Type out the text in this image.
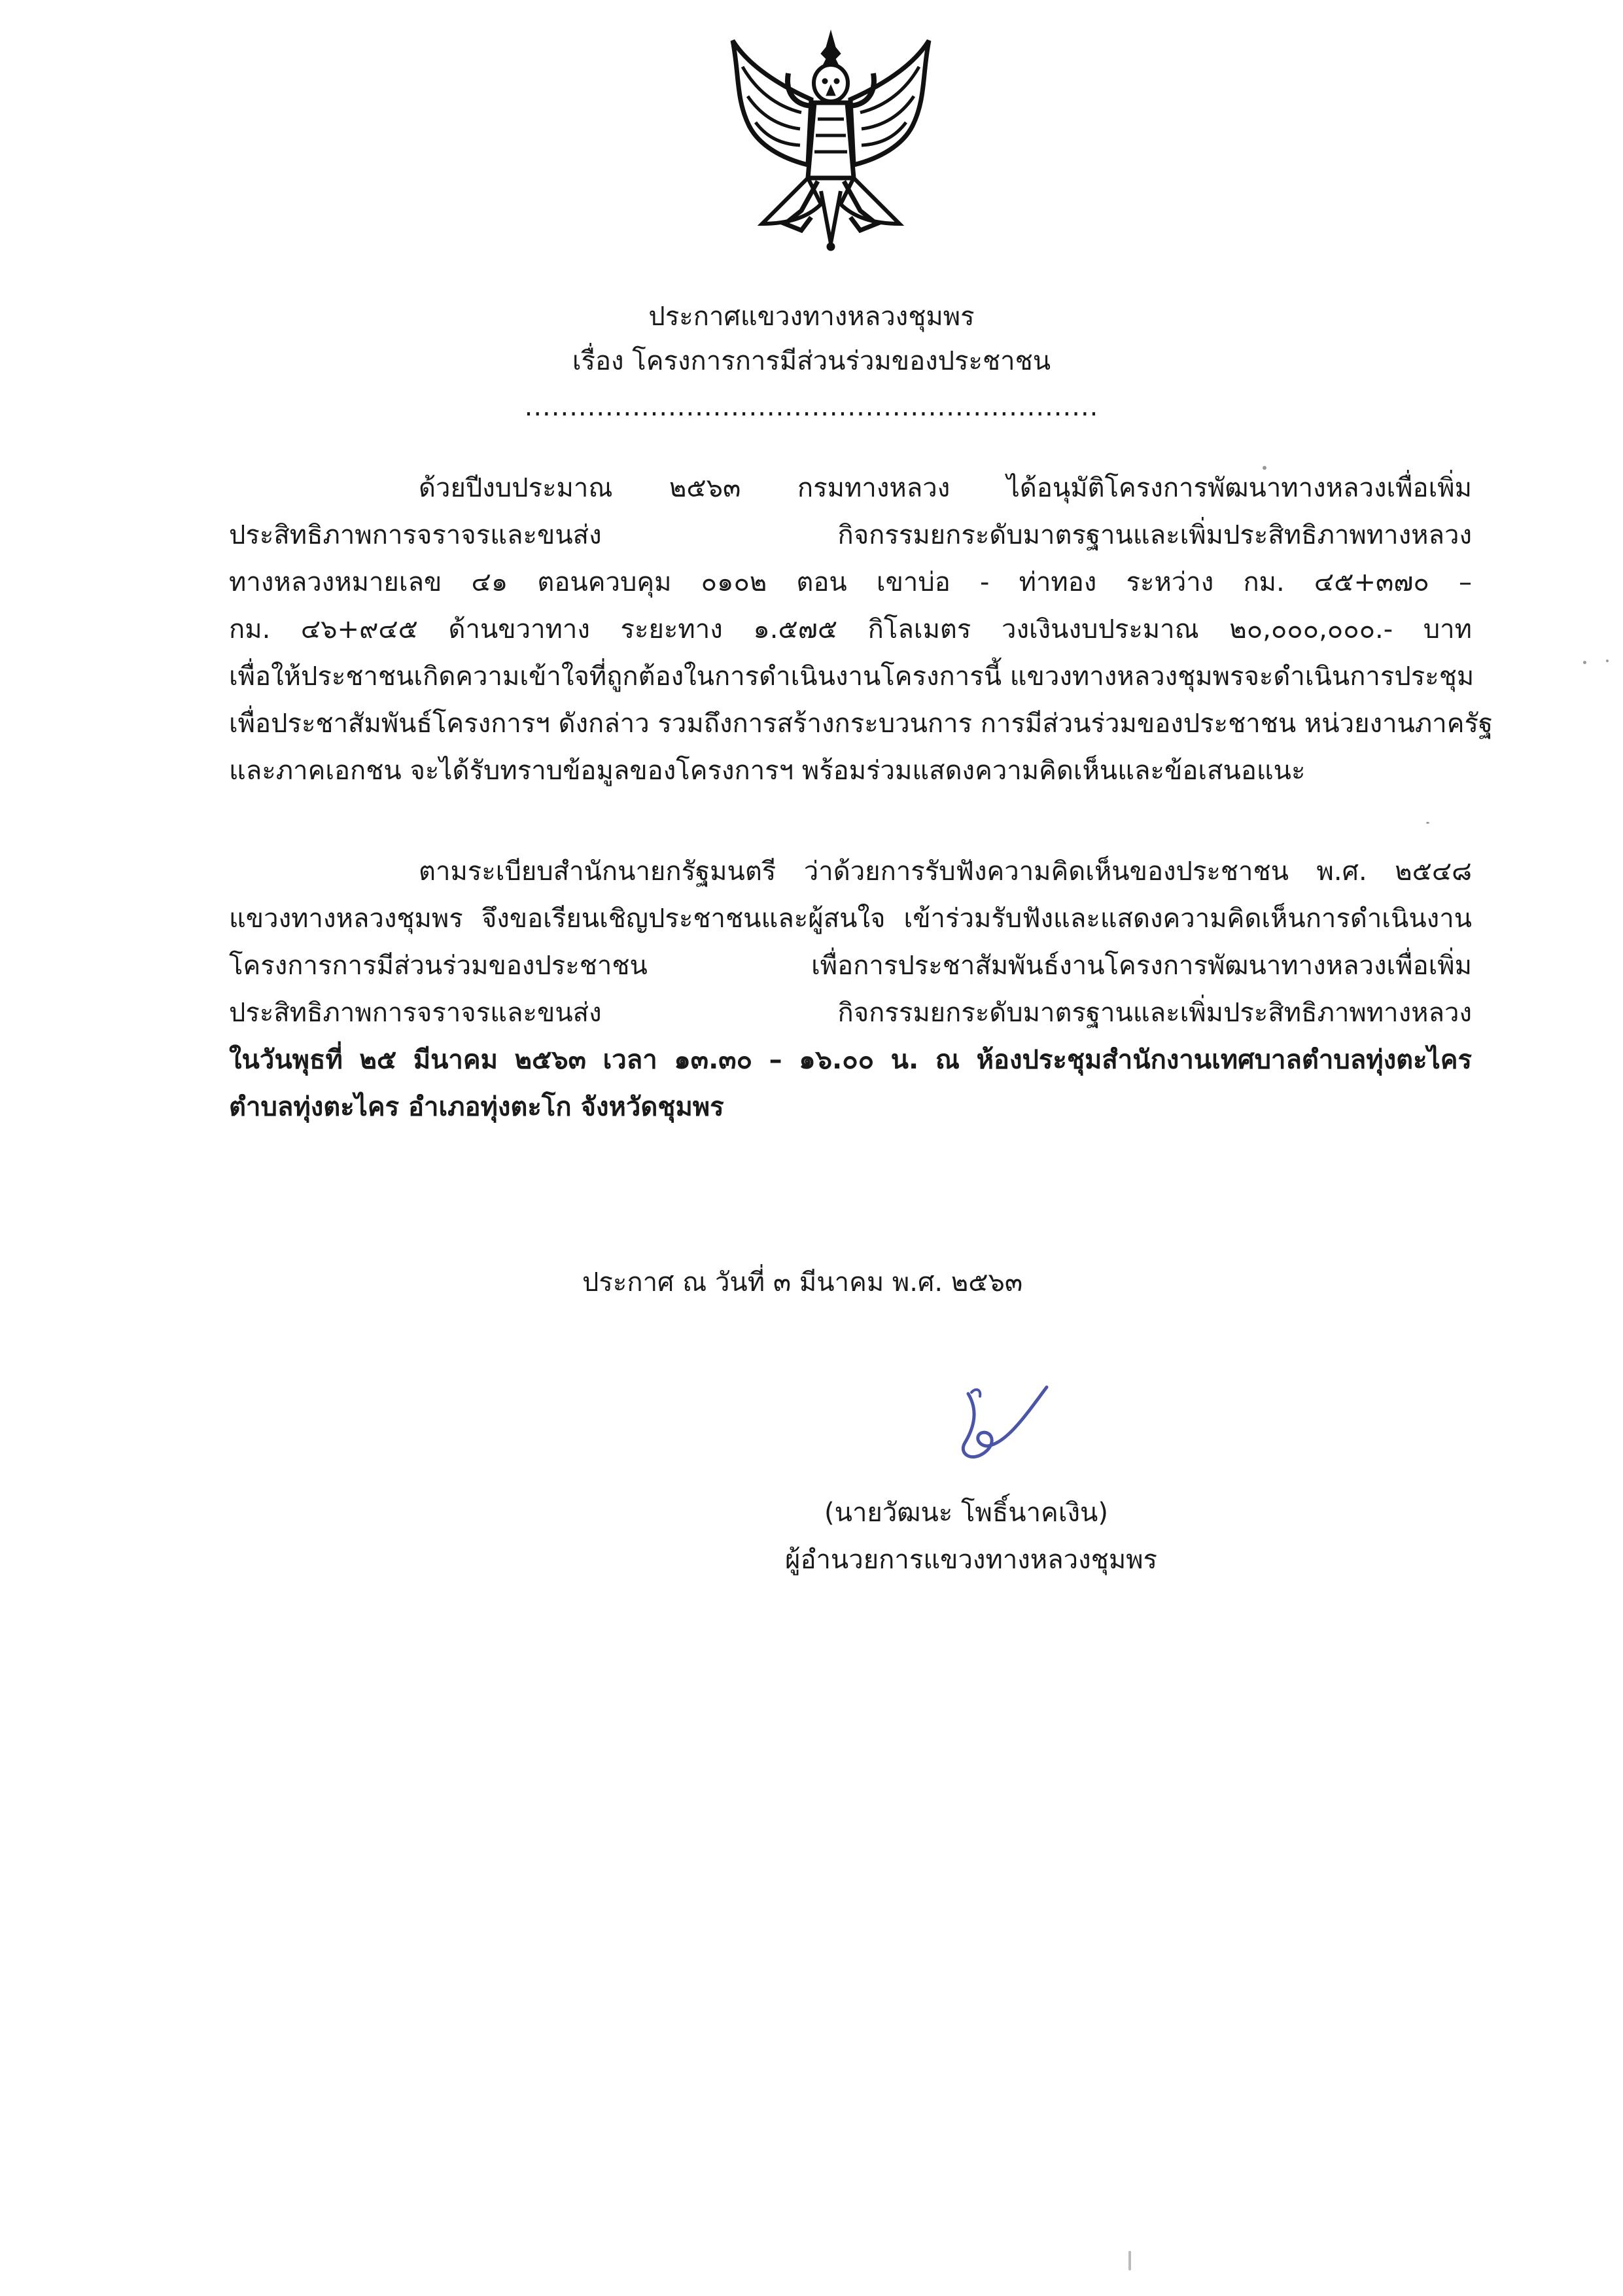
ประกาศแขวงทางหลวงชุมพร

เรื่อง โครงการการมีส่วนร่วมของประชาชน

................................................................

ด้วยปีงบประมาณ ๒๕๖๓ กรมทางหลวง ได้อนุมัติโครงการพัฒนาทางหลวงเพื่อเพิ่ม

ประสิทธิภาพการจราจรและขนส่ง กิจกรรมยกระดับมาตรฐานและเพิ่มประสิทธิภาพทางหลวง

ทางหลวงหมายเลข ๔๑ ตอนควบคุม ๐๑๐๒ ตอน เขาบ่อ - ท่าทอง ระหว่าง กม. ๔๕+๓๗๐ –

กม. ๔๖+๙๔๕ ด้านขวาทาง ระยะทาง ๑.๕๗๕ กิโลเมตร วงเงินงบประมาณ ๒๐,๐๐๐,๐๐๐.- บาท

เพื่อให้ประชาชนเกิดความเข้าใจที่ถูกต้องในการดำเนินงานโครงการนี้ แขวงทางหลวงชุมพรจะดำเนินการประชุม

เพื่อประชาสัมพันธ์โครงการฯ ดังกล่าว รวมถึงการสร้างกระบวนการ การมีส่วนร่วมของประชาชน หน่วยงานภาครัฐ

และภาคเอกชน จะได้รับทราบข้อมูลของโครงการฯ พร้อมร่วมแสดงความคิดเห็นและข้อเสนอแนะ

ตามระเบียบสำนักนายกรัฐมนตรี ว่าด้วยการรับฟังความคิดเห็นของประชาชน พ.ศ. ๒๕๔๘

แขวงทางหลวงชุมพร จึงขอเรียนเชิญประชาชนและผู้สนใจ เข้าร่วมรับฟังและแสดงความคิดเห็นการดำเนินงาน

โครงการการมีส่วนร่วมของประชาชน เพื่อการประชาสัมพันธ์งานโครงการพัฒนาทางหลวงเพื่อเพิ่ม

ประสิทธิภาพการจราจรและขนส่ง กิจกรรมยกระดับมาตรฐานและเพิ่มประสิทธิภาพทางหลวง

ในวันพุธที่ ๒๕ มีนาคม ๒๕๖๓ เวลา ๑๓.๓๐ – ๑๖.๐๐ น. ณ ห้องประชุมสำนักงานเทศบาลตำบลทุ่งตะไคร

ตำบลทุ่งตะไคร อำเภอทุ่งตะโก จังหวัดชุมพร

ประกาศ ณ วันที่ ๓ มีนาคม พ.ศ. ๒๕๖๓

(นายวัฒนะ โพธิ์นาคเงิน)

ผู้อำนวยการแขวงทางหลวงชุมพร
